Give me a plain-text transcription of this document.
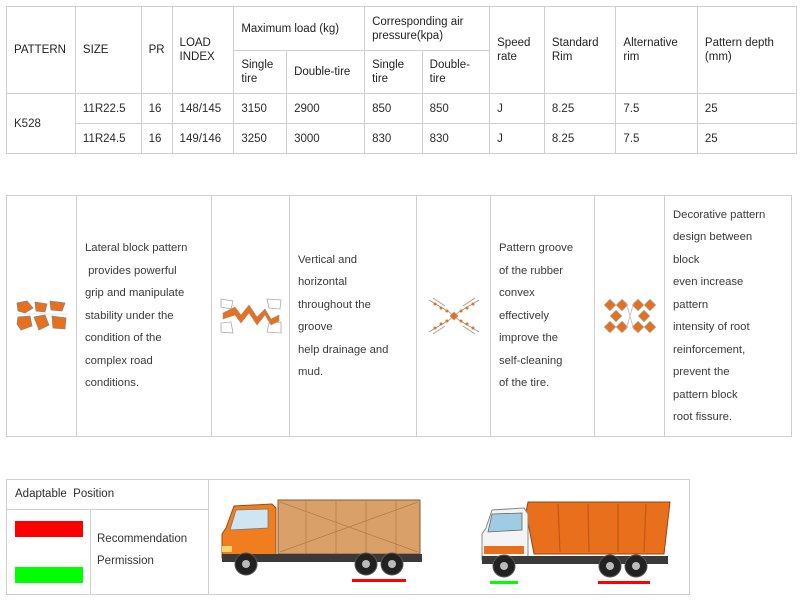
PATTERN	SIZE	PR	LOAD INDEX	Maximum load (kg)		Corresponding air pressure(kpa)		Speed rate	Standard Rim	Alternative rim	Pattern depth (mm)
				Single tire	Double-tire	Single tire	Double-tire				
K528	11R22.5	16	148/145	3150	2900	850	850	J	8.25	7.5	25
	11R24.5	16	149/146	3250	3000	830	830	J	8.25	7.5	25
Lateral block pattern
provides powerful
grip and manipulate
stability under the
condition of the
complex road
conditions.
Vertical and
horizontal
throughout the
groove
help drainage and
mud.
Pattern groove
of the rubber
convex
effectively
improve the
self-cleaning
of the tire.
Decorative pattern
design between
block
even increase
pattern
intensity of root
reinforcement,
prevent the
pattern block
root fissure.
Adaptable  Position
Recommendation
Permission
